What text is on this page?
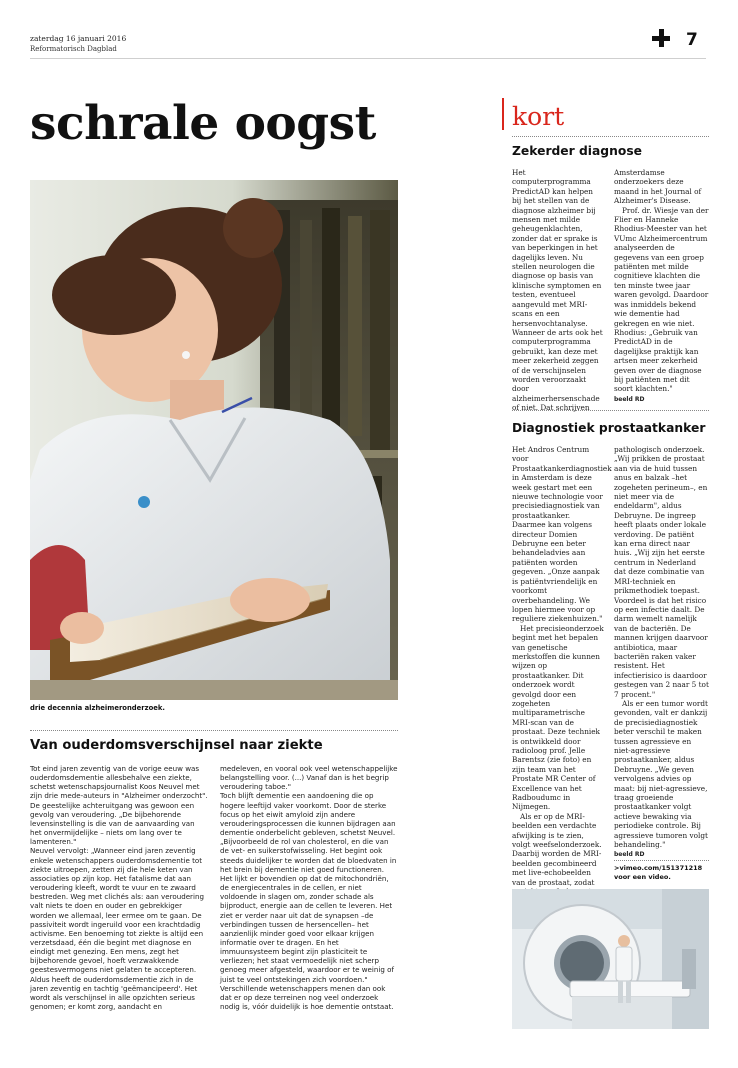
zaterdag 16 januari 2016
Reformatorisch Dagblad	7
schrale oogst
drie decennia alzheimeronderzoek.
Van ouderdomsverschijnsel naar ziekte

Tot eind jaren zeventig van de vorige eeuw was ouderdomsdementie allesbehalve een ziekte, schetst wetenschapsjournalist Koos Neuvel met zijn drie mede-auteurs in "Alzheimer onderzocht". De geestelijke achteruitgang was gewoon een gevolg van veroudering. „De bijbehorende levensinstelling is die van de aanvaarding van het onvermijdelijke – niets om lang over te lamenteren."

Neuvel vervolgt: „Wanneer eind jaren zeventig enkele wetenschappers ouderdomsdementie tot ziekte uitroepen, zetten zij die hele keten van associaties op zijn kop. Het fatalisme dat aan veroudering kleeft, wordt te vuur en te zwaard bestreden. Weg met clichés als: aan veroudering valt niets te doen en ouder en gebrekkiger worden we allemaal, leer ermee om te gaan. De passiviteit wordt ingeruild voor een krachtdadig activisme. Een benoeming tot ziekte is altijd een verzetsdaad, één die begint met diagnose en eindigt met genezing. Een mens, zegt het bijbehorende gevoel, hoeft verzwakkende geestesvermogens niet gelaten te accepteren.

Aldus heeft de ouderdomsdementie zich in de jaren zeventig en tachtig 'geëmancipeerd'. Het wordt als verschijnsel in alle opzichten serieus genomen; er komt zorg, aandacht en

medeleven, en vooral ook veel wetenschappelijke belangstelling voor. (...) Vanaf dan is het begrip veroudering taboe."

Toch blijft dementie een aandoening die op hogere leeftijd vaker voorkomt. Door de sterke focus op het eiwit amyloid zijn andere verouderingsprocessen die kunnen bijdragen aan dementie onderbelicht gebleven, schetst Neuvel. „Bijvoorbeeld de rol van cholesterol, en die van de vet- en suikerstofwisseling. Het begint ook steeds duidelijker te worden dat de bloedvaten in het brein bij dementie niet goed functioneren. Het lijkt er bovendien op dat de mitochondriën, de energiecentrales in de cellen, er niet voldoende in slagen om, zonder schade als bijproduct, energie aan de cellen te leveren. Het ziet er verder naar uit dat de synapsen –de verbindingen tussen de hersencellen– het aanzienlijk minder goed voor elkaar krijgen informatie over te dragen. En het immuunsysteem begint zijn plasticiteit te verliezen; het staat vermoedelijk niet scherp genoeg meer afgesteld, waardoor er te weinig of juist te veel ontstekingen zich voordoen."

Verschillende wetenschappers menen dan ook dat er op deze terreinen nog veel onderzoek nodig is, vóór duidelijk is hoe dementie ontstaat.

kort
Zekerder diagnose

Het computerprogramma PredictAD kan helpen bij het stellen van de diagnose alzheimer bij mensen met milde geheugenklachten, zonder dat er sprake is van beperkingen in het dagelijks leven. Nu stellen neurologen die diagnose op basis van klinische symptomen en testen, eventueel aangevuld met MRI-scans en een hersenvochtanalyse. Wanneer de arts ook het computerprogramma gebruikt, kan deze met meer zekerheid zeggen of de verschijnselen worden veroorzaakt door alzheimerhersenschade of niet. Dat schrijven

Amsterdamse onderzoekers deze maand in het Journal of Alzheimer's Disease.

Prof. dr. Wiesje van der Flier en Hanneke Rhodius-Meester van het VUmc Alzheimercentrum analyseerden de gegevens van een groep patiënten met milde cognitieve klachten die ten minste twee jaar waren gevolgd. Daardoor was inmiddels bekend wie dementie had gekregen en wie niet. Rhodius: „Gebruik van PredictAD in de dagelijkse praktijk kan artsen meer zekerheid geven over de diagnose bij patiënten met dit soort klachten."

beeld RD
Diagnostiek prostaatkanker

Het Andros Centrum voor Prostaatkankerdiagnostiek in Amsterdam is deze week gestart met een nieuwe technologie voor precisiediagnostiek van prostaatkanker. Daarmee kan volgens directeur Domien Debruyne een beter behandeladvies aan patiënten worden gegeven. „Onze aanpak is patiëntvriendelijk en voorkomt overbehandeling. We lopen hiermee voor op reguliere ziekenhuizen."

Het precisieonderzoek begint met het bepalen van genetische merkstoffen die kunnen wijzen op prostaatkanker. Dit onderzoek wordt gevolgd door een zogeheten multiparametrische MRI-scan van de prostaat. Deze techniek is ontwikkeld door radioloog prof. Jelle Barentsz (zie foto) en zijn team van het Prostate MR Center of Excellence van het Radboudumc in Nijmegen.

Als er op de MRI-beelden een verdachte afwijking is te zien, volgt weefselonderzoek. Daarbij worden de MRI-beelden gecombineerd met live-echobeelden van de prostaat, zodat

pathologisch onderzoek. „Wij prikken de prostaat aan via de huid tussen anus en balzak –het zogeheten perineum–, en niet meer via de endeldarm", aldus Debruyne. De ingreep heeft plaats onder lokale verdoving. De patiënt kan erna direct naar huis. „Wij zijn het eerste centrum in Nederland dat deze combinatie van MRI-techniek en prikmethodiek toepast. Voordeel is dat het risico op een infectie daalt. De darm wemelt namelijk van de bacteriën. De mannen krijgen daarvoor antibiotica, maar bacteriën raken vaker resistent. Het infectierisico is daardoor gestegen van 2 naar 5 tot 7 procent."

Als er een tumor wordt gevonden, valt er dankzij de precisiediagnostiek beter verschil te maken tussen agressieve en niet-agressieve prostaatkanker, aldus Debruyne. „We geven vervolgens advies op maat: bij niet-agressieve, traag groeiende prostaatkanker volgt actieve bewaking via periodieke controle. Bij agressieve tumoren volgt behandeling."

beeld RD
>vimeo.com/151371218 voor een video.
